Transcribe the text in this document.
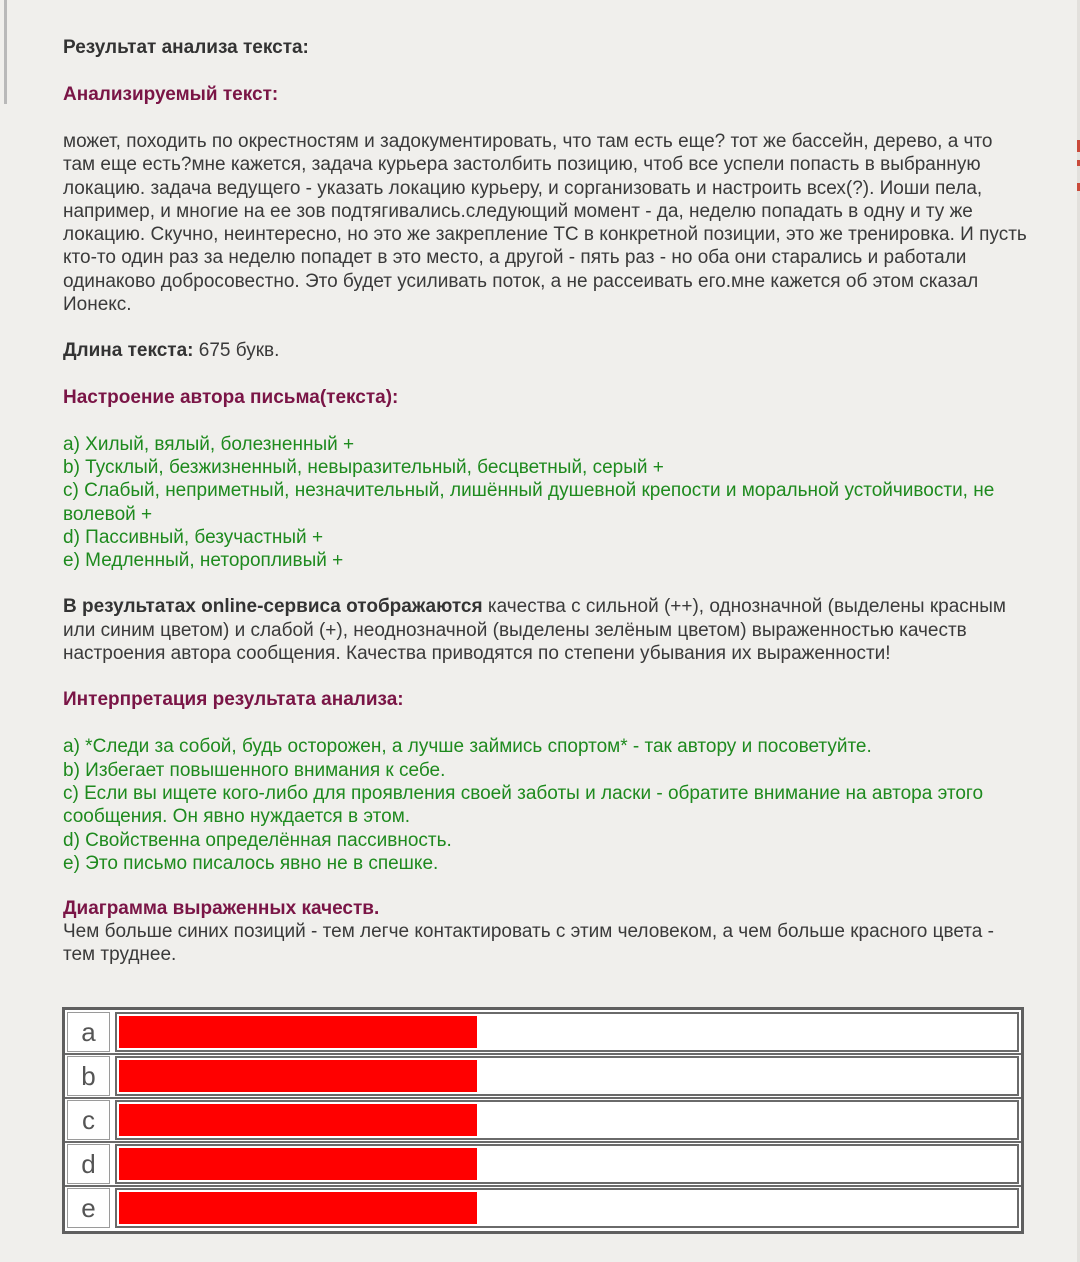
Результат анализа текста:

Анализируемый текст:

может, походить по окрестностям и задокументировать, что там есть еще? тот же бассейн, дерево, а что там еще есть?мне кажется, задача курьера застолбить позицию, чтоб все успели попасть в выбранную локацию. задача ведущего - указать локацию курьеру, и сорганизовать и настроить всех(?). Иоши пела, например, и многие на ее зов подтягивались.следующий момент - да, неделю попадать в одну и ту же локацию. Скучно, неинтересно, но это же закрепление ТС в конкретной позиции, это же тренировка. И пусть кто-то один раз за неделю попадет в это место, а другой - пять раз - но оба они старались и работали одинаково добросовестно. Это будет усиливать поток, а не рассеивать его.мне кажется об этом сказал Ионекс.

Длина текста: 675 букв.

Настроение автора письма(текста):

a) Хилый, вялый, болезненный +

b) Тусклый, безжизненный, невыразительный, бесцветный, серый +

c) Слабый, неприметный, незначительный, лишённый душевной крепости и моральной устойчивости, не волевой +

d) Пассивный, безучастный +

e) Медленный, неторопливый +

В результатах online-сервиса отображаются качества с сильной (++), однозначной (выделены красным или синим цветом) и слабой (+), неоднозначной (выделены зелёным цветом) выраженностью качеств настроения автора сообщения. Качества приводятся по степени убывания их выраженности!

Интерпретация результата анализа:

a) *Следи за собой, будь осторожен, а лучше займись спортом* - так автору и посоветуйте.

b) Избегает повышенного внимания к себе.

c) Если вы ищете кого-либо для проявления своей заботы и ласки - обратите внимание на автора этого сообщения. Он явно нуждается в этом.

d) Свойственна определённая пассивность.

e) Это письмо писалось явно не в спешке.

Диаграмма выраженных качеств.

Чем больше синих позиций - тем легче контактировать с этим человеком, а чем больше красного цвета - тем труднее.

a
b
c
d
e
